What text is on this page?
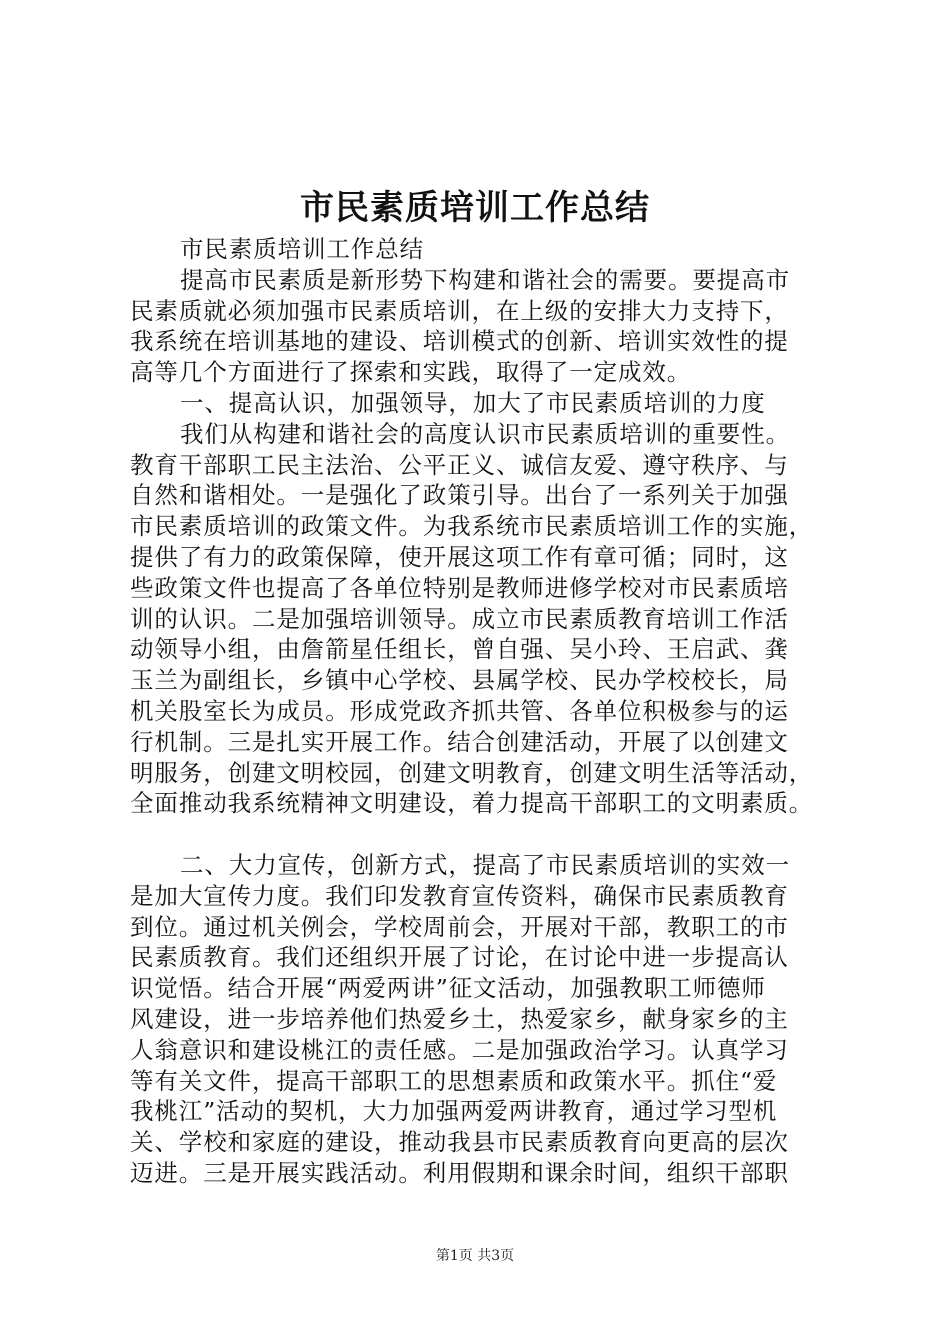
市民素质培训工作总结
市民素质培训工作总结
提高市民素质是新形势下构建和谐社会的需要。要提高市
民素质就必须加强市民素质培训，在上级的安排大力支持下，
我系统在培训基地的建设、培训模式的创新、培训实效性的提
高等几个方面进行了探索和实践，取得了一定成效。
一、提高认识，加强领导，加大了市民素质培训的力度
我们从构建和谐社会的高度认识市民素质培训的重要性。
教育干部职工民主法治、公平正义、诚信友爱、遵守秩序、与
自然和谐相处。一是强化了政策引导。出台了一系列关于加强
市民素质培训的政策文件。为我系统市民素质培训工作的实施，
提供了有力的政策保障，使开展这项工作有章可循；同时，这
些政策文件也提高了各单位特别是教师进修学校对市民素质培
训的认识。二是加强培训领导。成立市民素质教育培训工作活
动领导小组，由詹箭星任组长，曾自强、吴小玲、王启武、龚
玉兰为副组长，乡镇中心学校、县属学校、民办学校校长，局
机关股室长为成员。形成党政齐抓共管、各单位积极参与的运
行机制。三是扎实开展工作。结合创建活动，开展了以创建文
明服务，创建文明校园，创建文明教育，创建文明生活等活动，
全面推动我系统精神文明建设，着力提高干部职工的文明素质。
二、大力宣传，创新方式，提高了市民素质培训的实效一
是加大宣传力度。我们印发教育宣传资料，确保市民素质教育
到位。通过机关例会，学校周前会，开展对干部，教职工的市
民素质教育。我们还组织开展了讨论，在讨论中进一步提高认
识觉悟。结合开展“两爱两讲”征文活动，加强教职工师德师
风建设，进一步培养他们热爱乡土，热爱家乡，献身家乡的主
人翁意识和建设桃江的责任感。二是加强政治学习。认真学习
等有关文件，提高干部职工的思想素质和政策水平。抓住“爱
我桃江”活动的契机，大力加强两爱两讲教育，通过学习型机
关、学校和家庭的建设，推动我县市民素质教育向更高的层次
迈进。三是开展实践活动。利用假期和课余时间，组织干部职
第1页 共3页
